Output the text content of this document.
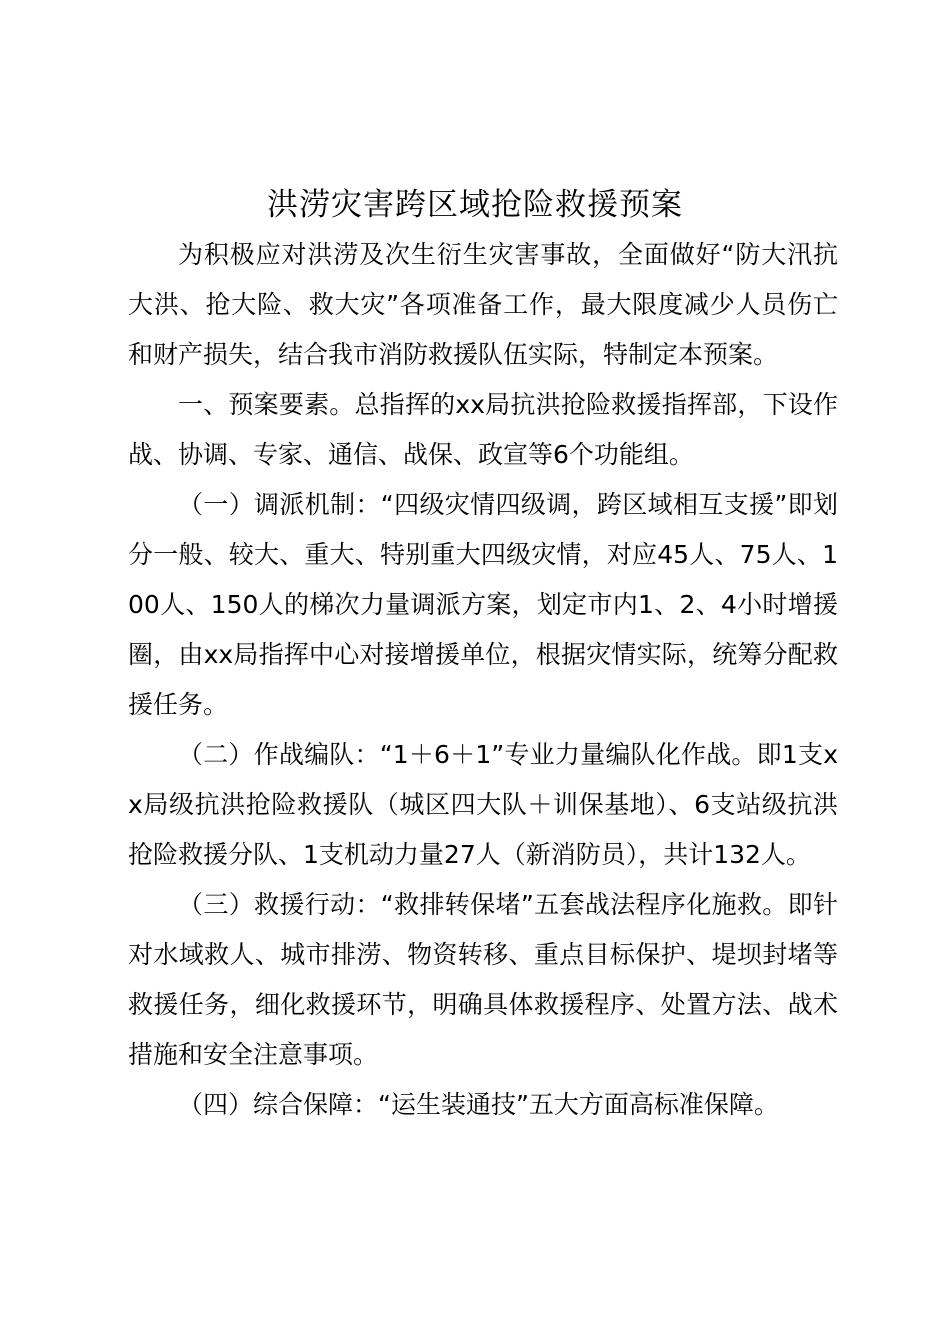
洪涝灾害跨区域抢险救援预案

为积极应对洪涝及次生衍生灾害事故，全面做好“防大汛抗大洪、抢大险、救大灾”各项准备工作，最大限度减少人员伤亡和财产损失，结合我市消防救援队伍实际，特制定本预案。

一、预案要素。总指挥的xx局抗洪抢险救援指挥部，下设作战、协调、专家、通信、战保、政宣等6个功能组。

（一）调派机制：“四级灾情四级调，跨区域相互支援”即划分一般、较大、重大、特别重大四级灾情，对应45人、75人、100人、150人的梯次力量调派方案，划定市内1、2、4小时增援圈，由xx局指挥中心对接增援单位，根据灾情实际，统筹分配救援任务。

（二）作战编队：“1＋6＋1”专业力量编队化作战。即1支xx局级抗洪抢险救援队（城区四大队＋训保基地）、6支站级抗洪抢险救援分队、1支机动力量27人（新消防员），共计132人。

（三）救援行动：“救排转保堵”五套战法程序化施救。即针对水域救人、城市排涝、物资转移、重点目标保护、堤坝封堵等救援任务，细化救援环节，明确具体救援程序、处置方法、战术措施和安全注意事项。

（四）综合保障：“运生装通技”五大方面高标准保障。
